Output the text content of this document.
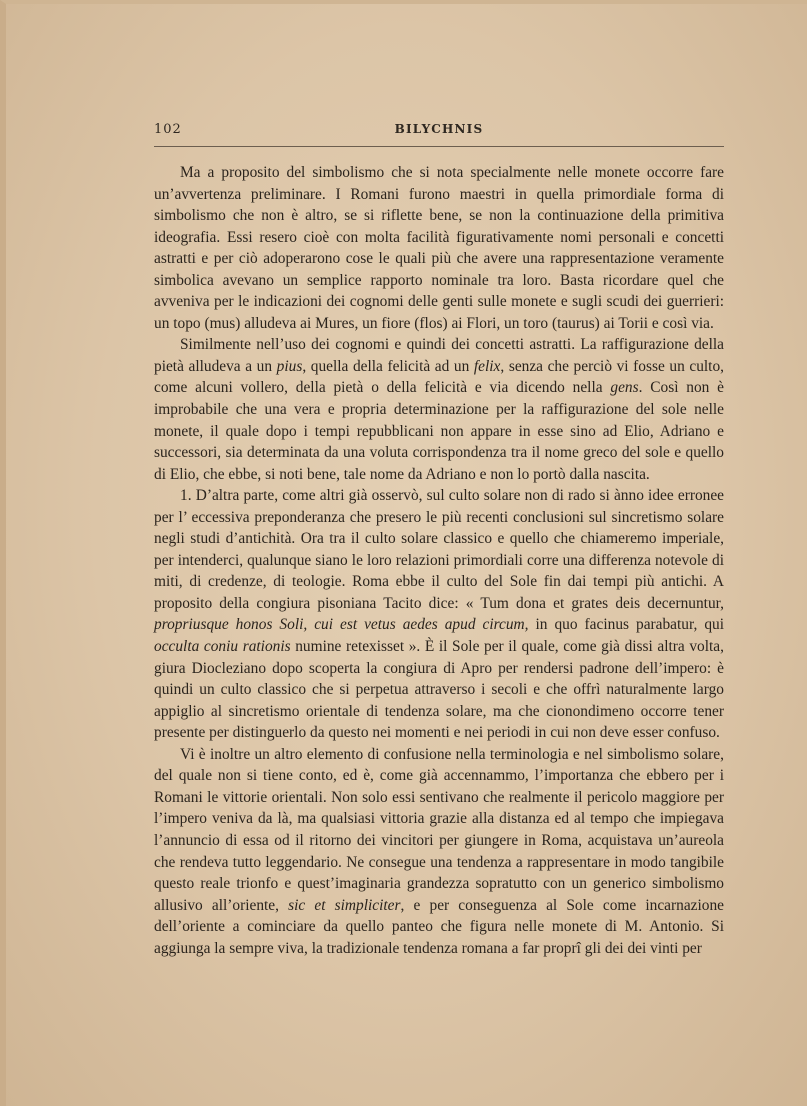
102	BILYCHNIS

Ma a proposito del simbolismo che si nota specialmente nelle monete occorre fare un’avvertenza preliminare. I Romani furono maestri in quella primordiale forma di simbolismo che non è altro, se si riflette bene, se non la continuazione della primitiva ideografia. Essi resero cioè con molta facilità figurativamente nomi personali e concetti astratti e per ciò adoperarono cose le quali più che avere una rappresentazione veramente simbolica avevano un semplice rapporto nominale tra loro. Basta ricordare quel che avveniva per le indicazioni dei cognomi delle genti sulle monete e sugli scudi dei guerrieri: un topo (mus) alludeva ai Mures, un fiore (flos) ai Flori, un toro (taurus) ai Torii e così via.

Similmente nell’uso dei cognomi e quindi dei concetti astratti. La raffigurazione della pietà alludeva a un pius, quella della felicità ad un felix, senza che perciò vi fosse un culto, come alcuni vollero, della pietà o della felicità e via dicendo nella gens. Così non è improbabile che una vera e propria determinazione per la raffigurazione del sole nelle monete, il quale dopo i tempi repubblicani non appare in esse sino ad Elio, Adriano e successori, sia determinata da una voluta corrispondenza tra il nome greco del sole e quello di Elio, che ebbe, si noti bene, tale nome da Adriano e non lo portò dalla nascita.

1. D’altra parte, come altri già osservò, sul culto solare non di rado si ànno idee erronee per l’ eccessiva preponderanza che presero le più recenti conclusioni sul sincretismo solare negli studi d’antichità. Ora tra il culto solare classico e quello che chiameremo imperiale, per intenderci, qualunque siano le loro relazioni primordiali corre una differenza notevole di miti, di credenze, di teologie. Roma ebbe il culto del Sole fin dai tempi più antichi. A proposito della congiura pisoniana Tacito dice: « Tum dona et grates deis decernuntur, propriusque honos Soli, cui est vetus aedes apud circum, in quo facinus parabatur, qui occulta coniu rationis numine retexisset ». È il Sole per il quale, come già dissi altra volta, giura Diocleziano dopo scoperta la congiura di Apro per rendersi padrone dell’impero: è quindi un culto classico che si perpetua attraverso i secoli e che offrì naturalmente largo appiglio al sincretismo orientale di tendenza solare, ma che cionondimeno occorre tener presente per distinguerlo da questo nei momenti e nei periodi in cui non deve esser confuso.

Vi è inoltre un altro elemento di confusione nella terminologia e nel simbolismo solare, del quale non si tiene conto, ed è, come già accennammo, l’importanza che ebbero per i Romani le vittorie orientali. Non solo essi sentivano che realmente il pericolo maggiore per l’impero veniva da là, ma qualsiasi vittoria grazie alla distanza ed al tempo che impiegava l’annuncio di essa od il ritorno dei vincitori per giungere in Roma, acquistava un’aureola che rendeva tutto leggendario. Ne consegue una tendenza a rappresentare in modo tangibile questo reale trionfo e quest’imaginaria grandezza sopratutto con un generico simbolismo allusivo all’oriente, sic et simpliciter, e per conseguenza al Sole come incarnazione dell’oriente a cominciare da quello panteo che figura nelle monete di M. Antonio. Si aggiunga la sempre viva, la tradizionale tendenza romana a far proprî gli dei dei vinti per
